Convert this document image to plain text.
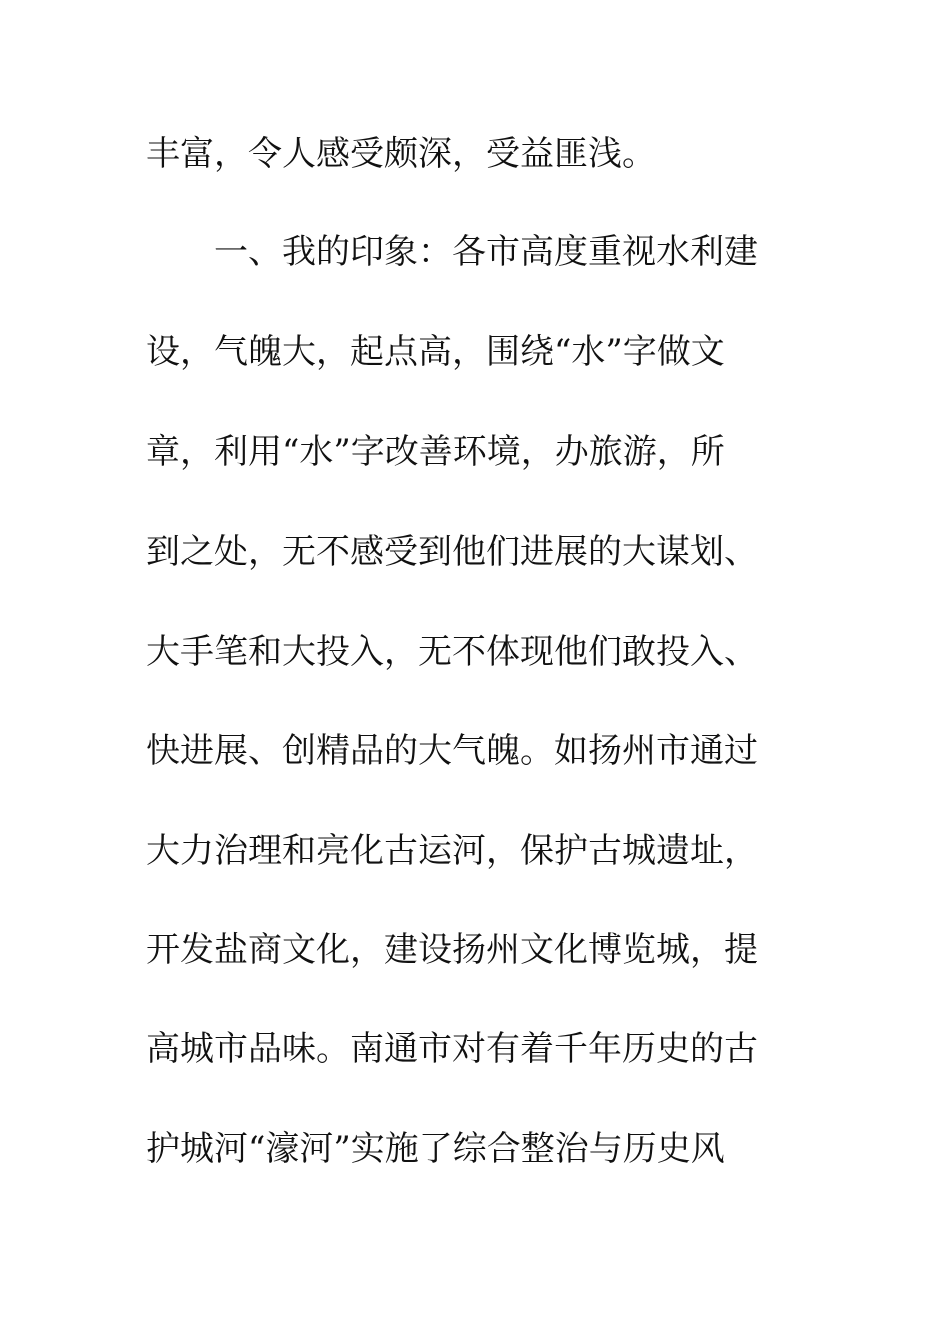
丰富，令人感受颇深，受益匪浅。
一、我的印象：各市高度重视水利建
设，气魄大，起点高，围绕“水”字做文
章，利用“水”字改善环境，办旅游，所
到之处，无不感受到他们进展的大谋划、
大手笔和大投入，无不体现他们敢投入、
快进展、创精品的大气魄。如扬州市通过
大力治理和亮化古运河，保护古城遗址，
开发盐商文化，建设扬州文化博览城，提
高城市品味。南通市对有着千年历史的古
护城河“濠河”实施了综合整治与历史风
